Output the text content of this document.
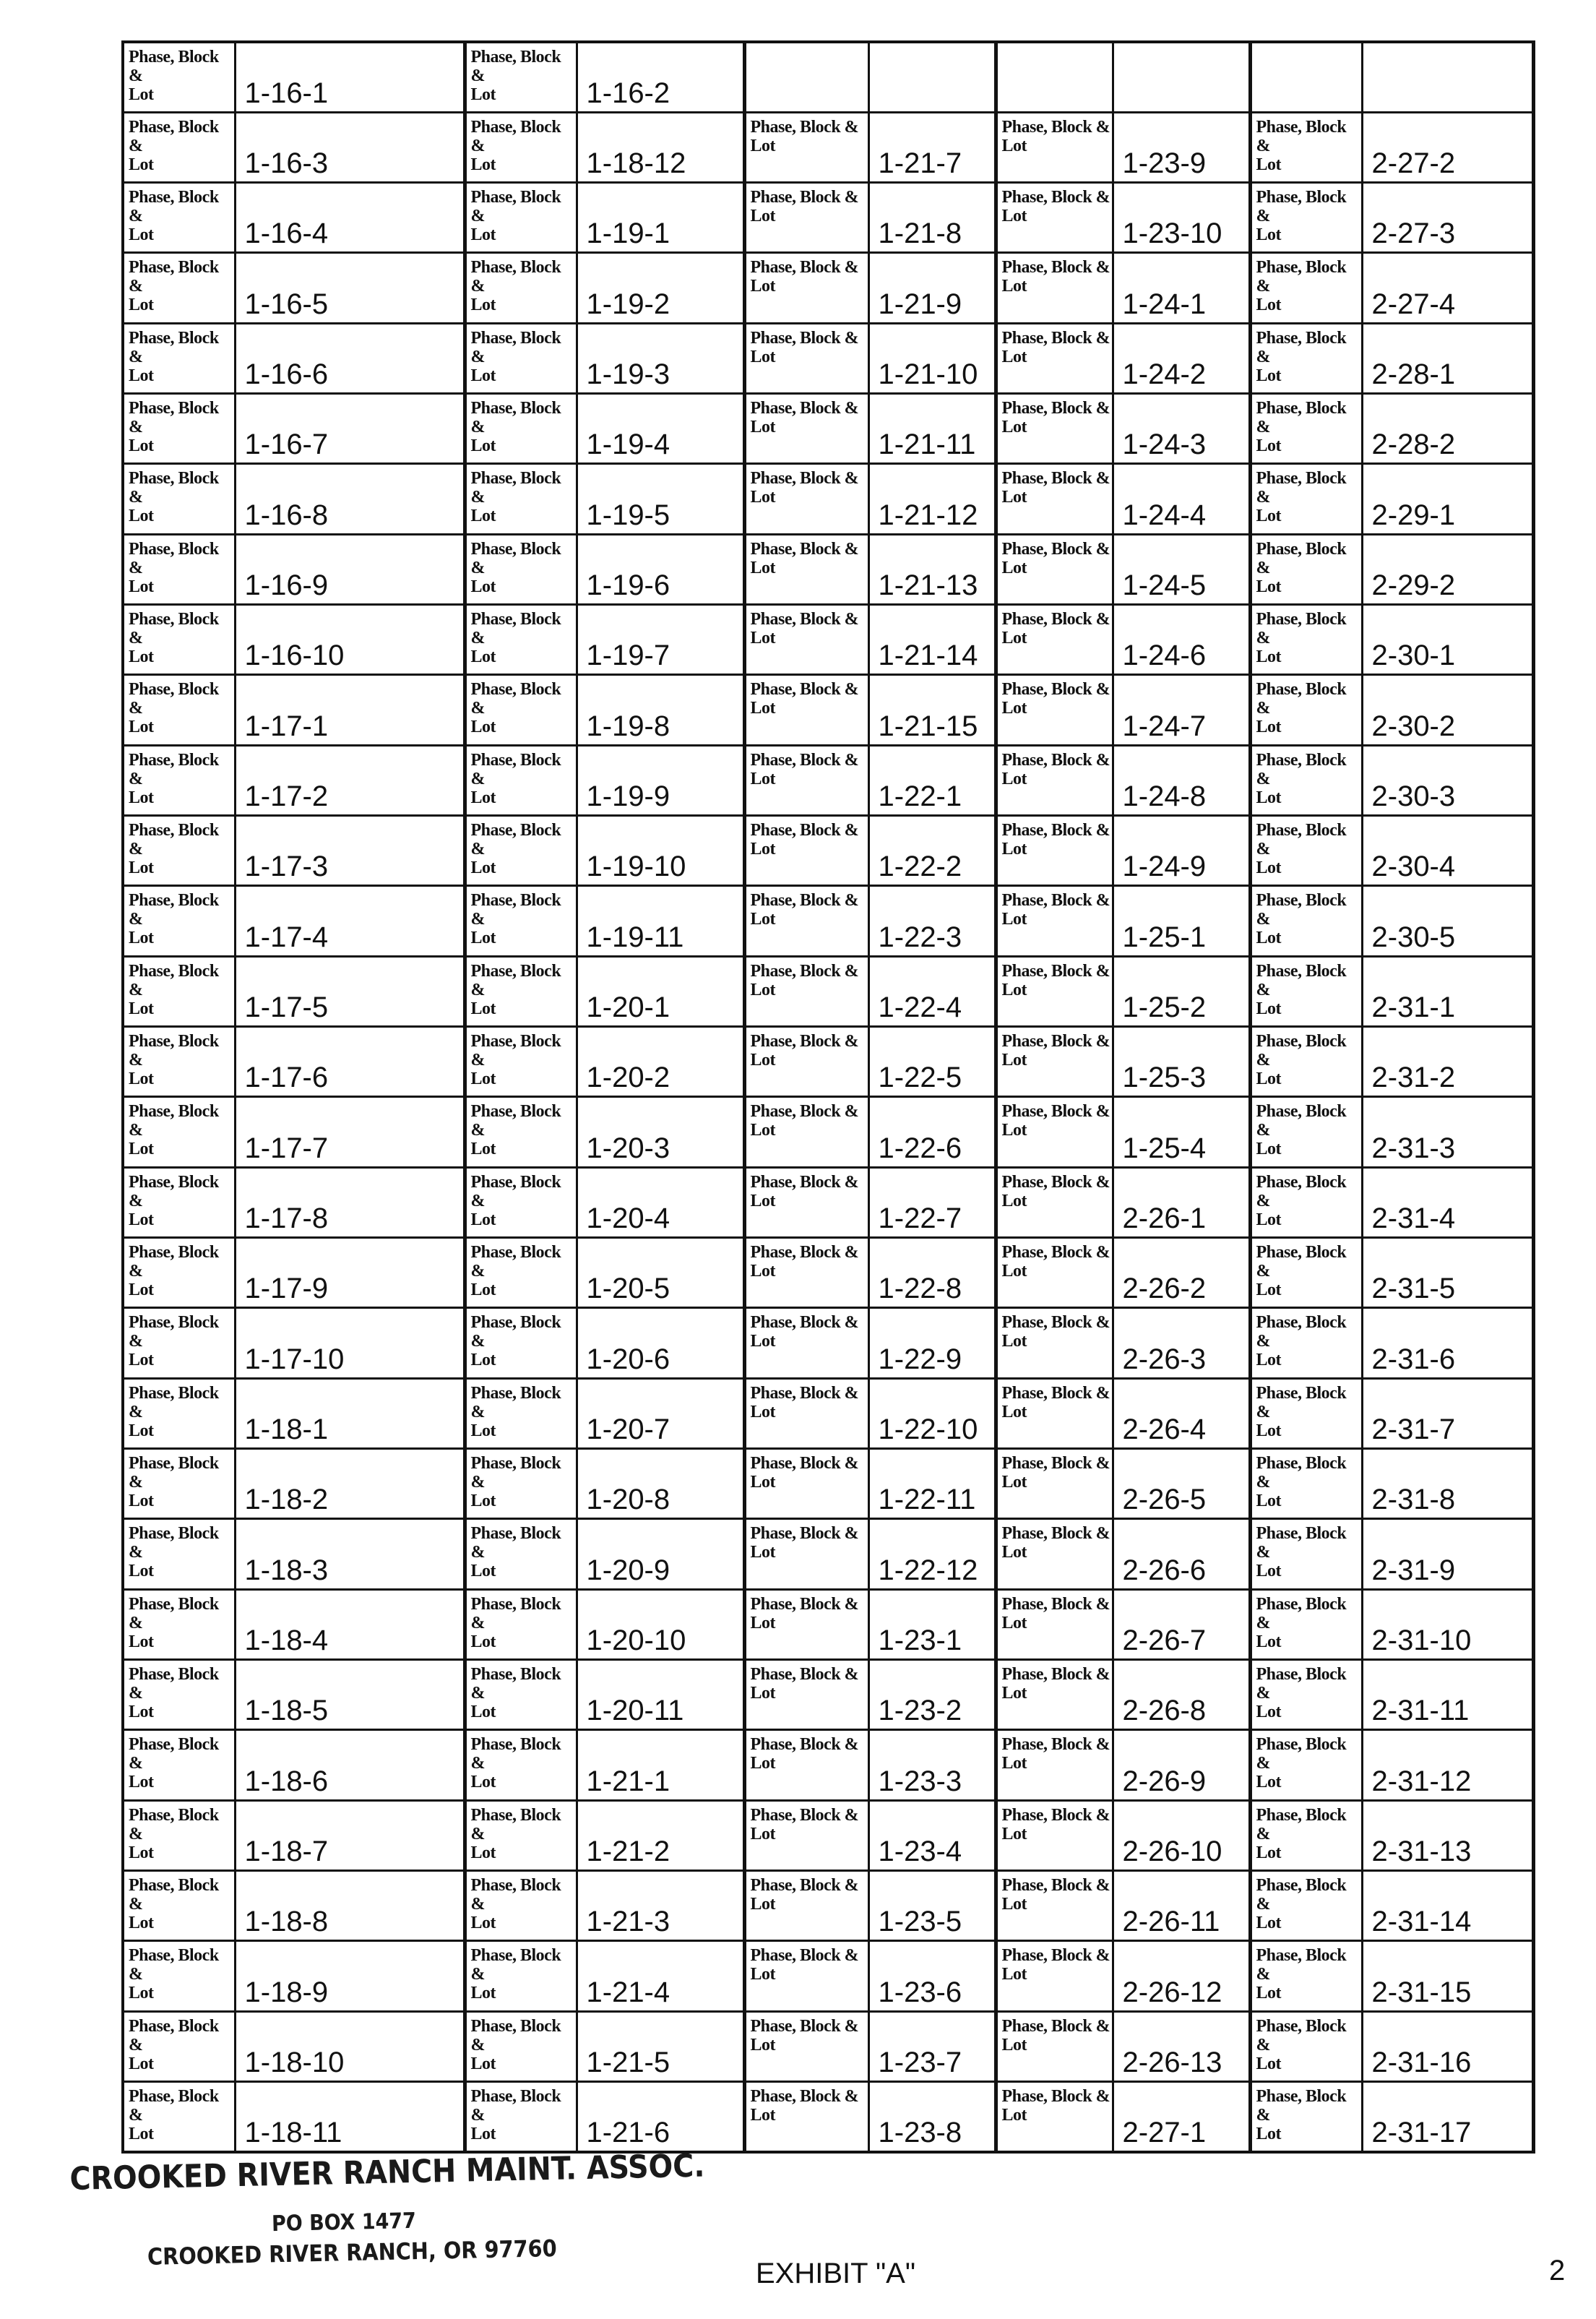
Phase, Block &
Lot	1-16-1	Phase, Block &
Lot	1-16-2						

Phase, Block &
Lot	1-16-3	Phase, Block &
Lot	1-18-12	Phase, Block &
Lot	1-21-7	Phase, Block &
Lot	1-23-9	Phase, Block &
Lot	2-27-2

Phase, Block &
Lot	1-16-4	Phase, Block &
Lot	1-19-1	Phase, Block &
Lot	1-21-8	Phase, Block &
Lot	1-23-10	Phase, Block &
Lot	2-27-3

Phase, Block &
Lot	1-16-5	Phase, Block &
Lot	1-19-2	Phase, Block &
Lot	1-21-9	Phase, Block &
Lot	1-24-1	Phase, Block &
Lot	2-27-4

Phase, Block &
Lot	1-16-6	Phase, Block &
Lot	1-19-3	Phase, Block &
Lot	1-21-10	Phase, Block &
Lot	1-24-2	Phase, Block &
Lot	2-28-1

Phase, Block &
Lot	1-16-7	Phase, Block &
Lot	1-19-4	Phase, Block &
Lot	1-21-11	Phase, Block &
Lot	1-24-3	Phase, Block &
Lot	2-28-2

Phase, Block &
Lot	1-16-8	Phase, Block &
Lot	1-19-5	Phase, Block &
Lot	1-21-12	Phase, Block &
Lot	1-24-4	Phase, Block &
Lot	2-29-1

Phase, Block &
Lot	1-16-9	Phase, Block &
Lot	1-19-6	Phase, Block &
Lot	1-21-13	Phase, Block &
Lot	1-24-5	Phase, Block &
Lot	2-29-2

Phase, Block &
Lot	1-16-10	Phase, Block &
Lot	1-19-7	Phase, Block &
Lot	1-21-14	Phase, Block &
Lot	1-24-6	Phase, Block &
Lot	2-30-1

Phase, Block &
Lot	1-17-1	Phase, Block &
Lot	1-19-8	Phase, Block &
Lot	1-21-15	Phase, Block &
Lot	1-24-7	Phase, Block &
Lot	2-30-2

Phase, Block &
Lot	1-17-2	Phase, Block &
Lot	1-19-9	Phase, Block &
Lot	1-22-1	Phase, Block &
Lot	1-24-8	Phase, Block &
Lot	2-30-3

Phase, Block &
Lot	1-17-3	Phase, Block &
Lot	1-19-10	Phase, Block &
Lot	1-22-2	Phase, Block &
Lot	1-24-9	Phase, Block &
Lot	2-30-4

Phase, Block &
Lot	1-17-4	Phase, Block &
Lot	1-19-11	Phase, Block &
Lot	1-22-3	Phase, Block &
Lot	1-25-1	Phase, Block &
Lot	2-30-5

Phase, Block &
Lot	1-17-5	Phase, Block &
Lot	1-20-1	Phase, Block &
Lot	1-22-4	Phase, Block &
Lot	1-25-2	Phase, Block &
Lot	2-31-1

Phase, Block &
Lot	1-17-6	Phase, Block &
Lot	1-20-2	Phase, Block &
Lot	1-22-5	Phase, Block &
Lot	1-25-3	Phase, Block &
Lot	2-31-2

Phase, Block &
Lot	1-17-7	Phase, Block &
Lot	1-20-3	Phase, Block &
Lot	1-22-6	Phase, Block &
Lot	1-25-4	Phase, Block &
Lot	2-31-3

Phase, Block &
Lot	1-17-8	Phase, Block &
Lot	1-20-4	Phase, Block &
Lot	1-22-7	Phase, Block &
Lot	2-26-1	Phase, Block &
Lot	2-31-4

Phase, Block &
Lot	1-17-9	Phase, Block &
Lot	1-20-5	Phase, Block &
Lot	1-22-8	Phase, Block &
Lot	2-26-2	Phase, Block &
Lot	2-31-5

Phase, Block &
Lot	1-17-10	Phase, Block &
Lot	1-20-6	Phase, Block &
Lot	1-22-9	Phase, Block &
Lot	2-26-3	Phase, Block &
Lot	2-31-6

Phase, Block &
Lot	1-18-1	Phase, Block &
Lot	1-20-7	Phase, Block &
Lot	1-22-10	Phase, Block &
Lot	2-26-4	Phase, Block &
Lot	2-31-7

Phase, Block &
Lot	1-18-2	Phase, Block &
Lot	1-20-8	Phase, Block &
Lot	1-22-11	Phase, Block &
Lot	2-26-5	Phase, Block &
Lot	2-31-8

Phase, Block &
Lot	1-18-3	Phase, Block &
Lot	1-20-9	Phase, Block &
Lot	1-22-12	Phase, Block &
Lot	2-26-6	Phase, Block &
Lot	2-31-9

Phase, Block &
Lot	1-18-4	Phase, Block &
Lot	1-20-10	Phase, Block &
Lot	1-23-1	Phase, Block &
Lot	2-26-7	Phase, Block &
Lot	2-31-10

Phase, Block &
Lot	1-18-5	Phase, Block &
Lot	1-20-11	Phase, Block &
Lot	1-23-2	Phase, Block &
Lot	2-26-8	Phase, Block &
Lot	2-31-11

Phase, Block &
Lot	1-18-6	Phase, Block &
Lot	1-21-1	Phase, Block &
Lot	1-23-3	Phase, Block &
Lot	2-26-9	Phase, Block &
Lot	2-31-12

Phase, Block &
Lot	1-18-7	Phase, Block &
Lot	1-21-2	Phase, Block &
Lot	1-23-4	Phase, Block &
Lot	2-26-10	Phase, Block &
Lot	2-31-13

Phase, Block &
Lot	1-18-8	Phase, Block &
Lot	1-21-3	Phase, Block &
Lot	1-23-5	Phase, Block &
Lot	2-26-11	Phase, Block &
Lot	2-31-14

Phase, Block &
Lot	1-18-9	Phase, Block &
Lot	1-21-4	Phase, Block &
Lot	1-23-6	Phase, Block &
Lot	2-26-12	Phase, Block &
Lot	2-31-15

Phase, Block &
Lot	1-18-10	Phase, Block &
Lot	1-21-5	Phase, Block &
Lot	1-23-7	Phase, Block &
Lot	2-26-13	Phase, Block &
Lot	2-31-16

Phase, Block &
Lot	1-18-11	Phase, Block &
Lot	1-21-6	Phase, Block &
Lot	1-23-8	Phase, Block &
Lot	2-27-1	Phase, Block &
Lot	2-31-17
CROOKED RIVER RANCH MAINT. ASSOC.
PO BOX 1477
CROOKED RIVER RANCH, OR 97760
EXHIBIT "A"	2
